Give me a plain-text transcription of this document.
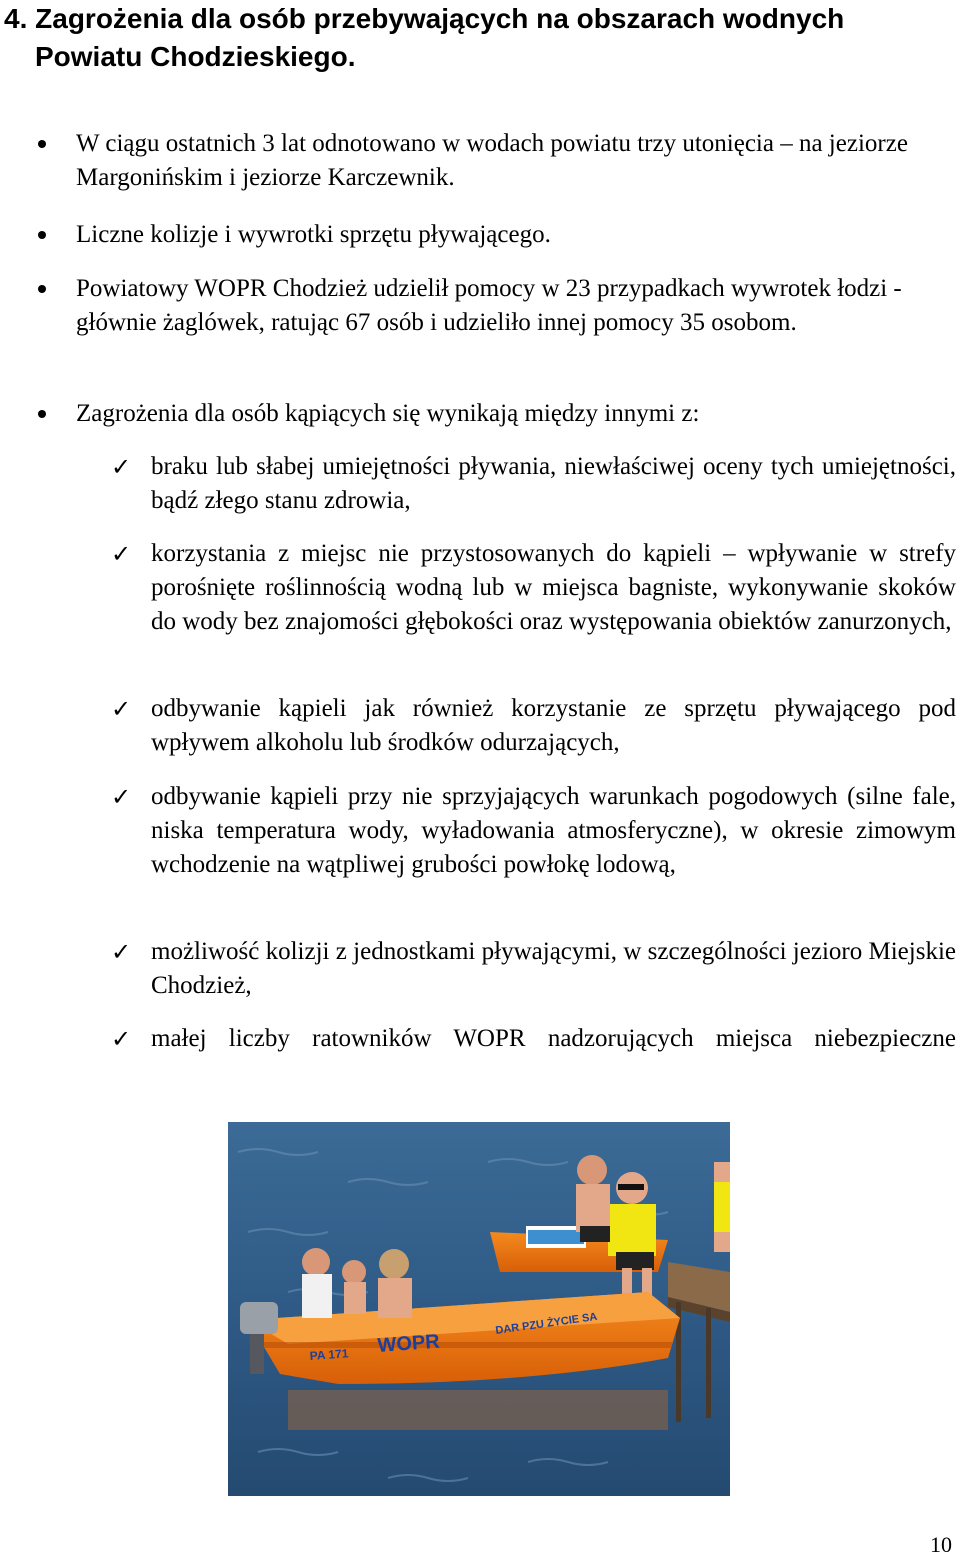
4. Zagrożenia dla osób przebywających na obszarach wodnych
Powiatu Chodzieskiego.
W ciągu ostatnich 3 lat odnotowano w wodach powiatu trzy utonięcia – na jeziorze Margonińskim i jeziorze Karczewnik.
Liczne kolizje i wywrotki sprzętu pływającego.
Powiatowy WOPR Chodzież udzielił pomocy w 23 przypadkach wywrotek łodzi - głównie żaglówek, ratując 67 osób i udzieliło innej pomocy 35 osobom.
Zagrożenia dla osób kąpiących się wynikają między innymi z:
✓ braku lub słabej umiejętności pływania, niewłaściwej oceny tych umiejętności, bądź złego stanu zdrowia,
✓ korzystania z miejsc nie przystosowanych do kąpieli – wpływanie w strefy porośnięte roślinnością wodną lub w miejsca bagniste, wykonywanie skoków do wody bez znajomości głębokości oraz występowania obiektów zanurzonych,
✓ odbywanie kąpieli jak również korzystanie ze sprzętu pływającego pod wpływem alkoholu lub środków odurzających,
✓ odbywanie kąpieli przy nie sprzyjających warunkach pogodowych (silne fale, niska temperatura wody, wyładowania atmosferyczne), w okresie zimowym wchodzenie na wątpliwej grubości powłokę lodową,
✓ możliwość kolizji z jednostkami pływającymi, w szczególności jezioro Miejskie Chodzież,
✓ małej liczby ratowników WOPR nadzorujących miejsca niebezpieczne
WOPR
PA 171
DAR PZU ŻYCIE SA
10
